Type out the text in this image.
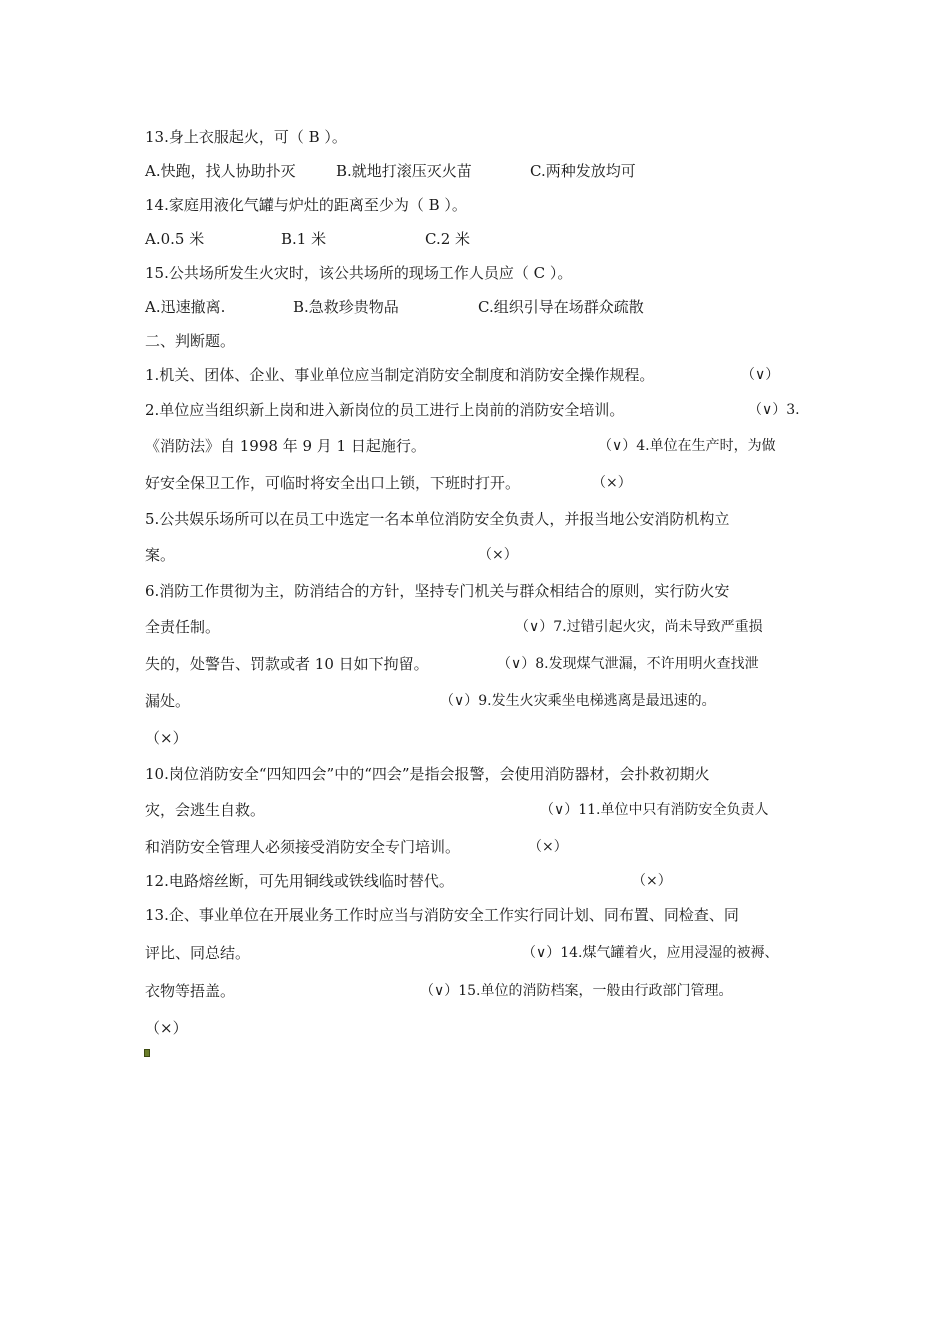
13.身上衣服起火，可（ B ）。
A.快跑，找人协助扑灭	B.就地打滚压灭火苗	C.两种发放均可
14.家庭用液化气罐与炉灶的距离至少为（ B ）。
A.0.5 米	B.1 米	C.2 米
15.公共场所发生火灾时，该公共场所的现场工作人员应（ C ）。
A.迅速撤离.	B.急救珍贵物品	C.组织引导在场群众疏散
二、判断题。
1.机关、团体、企业、事业单位应当制定消防安全制度和消防安全操作规程。	（∨）
2.单位应当组织新上岗和进入新岗位的员工进行上岗前的消防安全培训。	（∨）3.
《消防法》自 1998 年 9 月 1 日起施行。	（∨）4.单位在生产时，为做
好安全保卫工作，可临时将安全出口上锁，下班时打开。	（×）
5.公共娱乐场所可以在员工中选定一名本单位消防安全负责人，并报当地公安消防机构立
案。	（×）
6.消防工作贯彻为主，防消结合的方针，坚持专门机关与群众相结合的原则，实行防火安
全责任制。	（∨）7.过错引起火灾，尚未导致严重损
失的，处警告、罚款或者 10 日如下拘留。	（∨）8.发现煤气泄漏，不许用明火查找泄
漏处。	（∨）9.发生火灾乘坐电梯逃离是最迅速的。
（×）
10.岗位消防安全“四知四会”中的“四会”是指会报警，会使用消防器材，会扑救初期火
灾，会逃生自救。	（∨）11.单位中只有消防安全负责人
和消防安全管理人必须接受消防安全专门培训。	（×）
12.电路熔丝断，可先用铜线或铁线临时替代。	（×）
13.企、事业单位在开展业务工作时应当与消防安全工作实行同计划、同布置、同检查、同
评比、同总结。	（∨）14.煤气罐着火，应用浸湿的被褥、
衣物等捂盖。	（∨）15.单位的消防档案，一般由行政部门管理。
（×）
